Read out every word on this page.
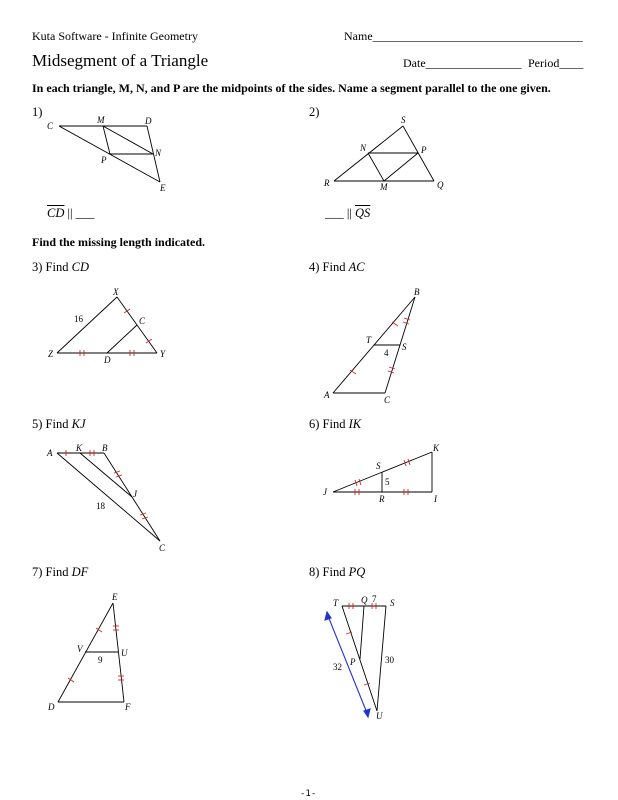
Kuta Software - Infinite Geometry	Name___________________________________
Midsegment of a Triangle	Date________________ Period____
In each triangle, M, N, and P are the midpoints of the sides. Name a segment parallel to the one given.
1)
C
M	D
N
P
E
$\overline{CD}$ || ___
2)
S
N	P
R	M	Q
___ || $\overline{QS}$
Find the missing length indicated.
3) Find CD
X
C
Z
D
Y
16
4) Find AC
B
T
S
A	C
4
5) Find KJ
A	K B
J
C
18
6) Find IK
K
S
J
R	I
5
7) Find DF
E
V	U
D	F
9
8) Find PQ
T	Q	S
P
U
7
32
30
-1-
